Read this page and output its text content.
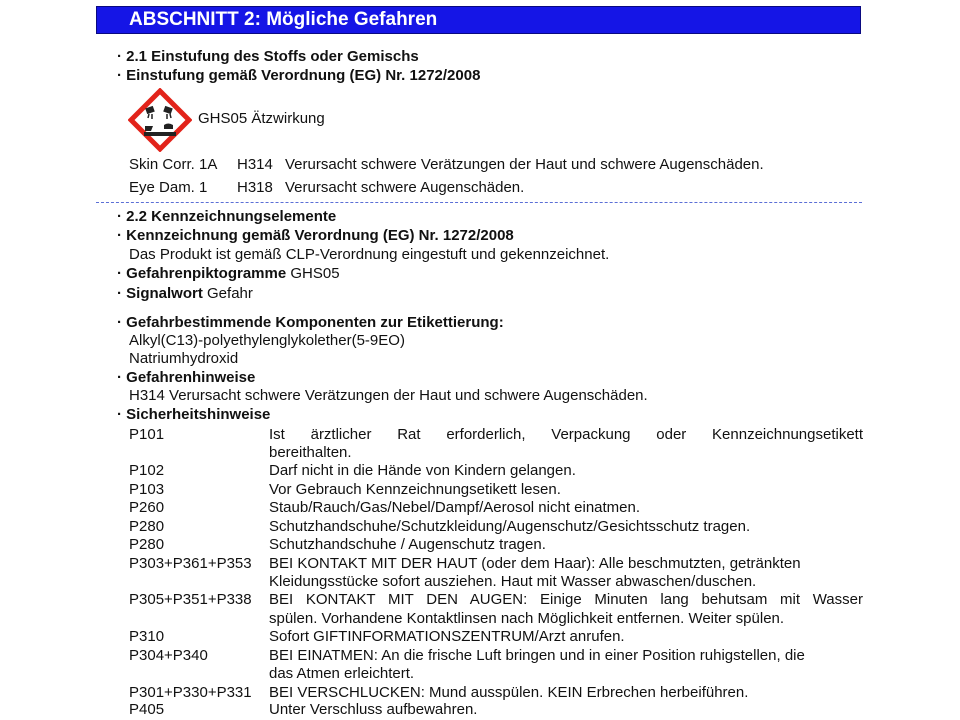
ABSCHNITT 2: Mögliche Gefahren
· 2.1 Einstufung des Stoffs oder Gemischs
· Einstufung gemäß Verordnung (EG) Nr. 1272/2008
GHS05 Ätzwirkung
Skin Corr. 1A H314 Verursacht schwere Verätzungen der Haut und schwere Augenschäden.
Eye Dam. 1 H318 Verursacht schwere Augenschäden.
· 2.2 Kennzeichnungselemente
· Kennzeichnung gemäß Verordnung (EG) Nr. 1272/2008
Das Produkt ist gemäß CLP-Verordnung eingestuft und gekennzeichnet.
· Gefahrenpiktogramme GHS05
· Signalwort Gefahr
· Gefahrbestimmende Komponenten zur Etikettierung:
Alkyl(C13)-polyethylenglykolether(5-9EO)
Natriumhydroxid
· Gefahrenhinweise
H314 Verursacht schwere Verätzungen der Haut und schwere Augenschäden.
· Sicherheitshinweise
P101	Ist ärztlicher Rat erforderlich, Verpackung oder Kennzeichnungsetikett
bereithalten.
P102	Darf nicht in die Hände von Kindern gelangen.
P103	Vor Gebrauch Kennzeichnungsetikett lesen.
P260	Staub/Rauch/Gas/Nebel/Dampf/Aerosol nicht einatmen.
P280	Schutzhandschuhe/Schutzkleidung/Augenschutz/Gesichtsschutz tragen.
P280	Schutzhandschuhe / Augenschutz tragen.
P303+P361+P353 BEI KONTAKT MIT DER HAUT (oder dem Haar): Alle beschmutzten, getränkten
Kleidungsstücke sofort ausziehen. Haut mit Wasser abwaschen/duschen.
P305+P351+P338 BEI KONTAKT MIT DEN AUGEN: Einige Minuten lang behutsam mit Wasser
spülen. Vorhandene Kontaktlinsen nach Möglichkeit entfernen. Weiter spülen.
P310	Sofort GIFTINFORMATIONSZENTRUM/Arzt anrufen.
P304+P340	BEI EINATMEN: An die frische Luft bringen und in einer Position ruhigstellen, die
das Atmen erleichtert.
P301+P330+P331 BEI VERSCHLUCKEN: Mund ausspülen. KEIN Erbrechen herbeiführen.
P405	Unter Verschluss aufbewahren.
